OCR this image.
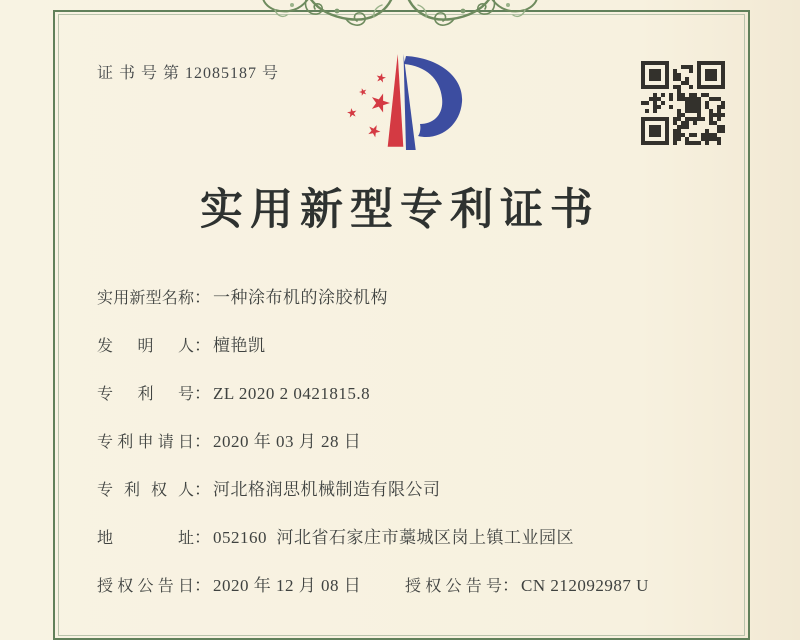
证 书 号 第 12085187 号
实用新型专利证书
实用新型名称： 一种涂布机的涂胶机构
发明人： 檀艳凯
专利号： ZL 2020 2 0421815.8
专利申请日： 2020 年 03 月 28 日
专利权人： 河北格润思机械制造有限公司
地址： 052160  河北省石家庄市藁城区岗上镇工业园区
授权公告日： 2020 年 12 月 08 日	授权公告号： CN 212092987 U
